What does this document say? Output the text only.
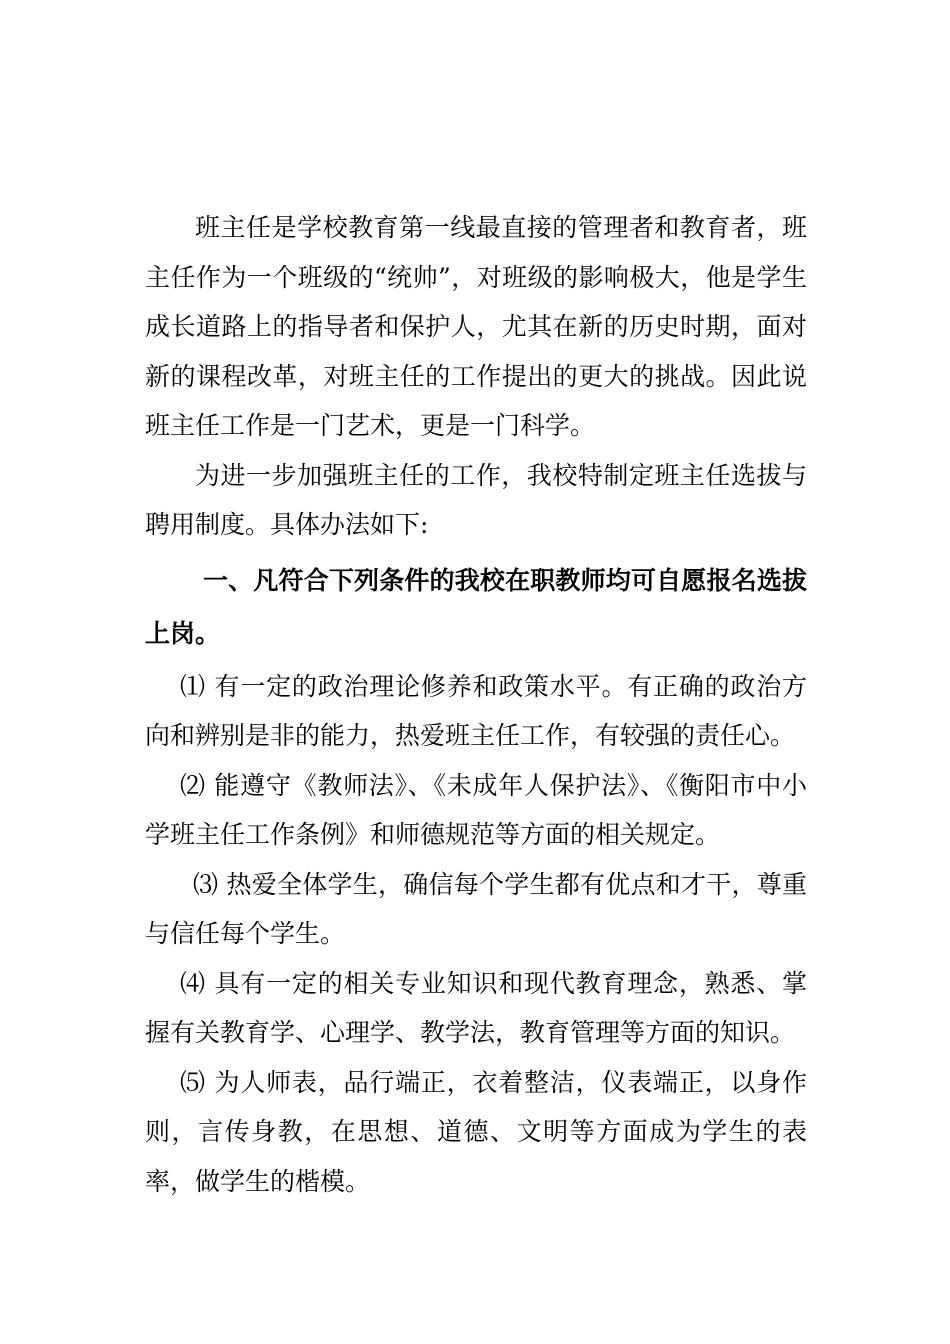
班主任是学校教育第一线最直接的管理者和教育者，班主任作为一个班级的“统帅”，对班级的影响极大，他是学生成长道路上的指导者和保护人，尤其在新的历史时期，面对新的课程改革，对班主任的工作提出的更大的挑战。因此说班主任工作是一门艺术，更是一门科学。

为进一步加强班主任的工作，我校特制定班主任选拔与聘用制度。具体办法如下:

一、凡符合下列条件的我校在职教师均可自愿报名选拔上岗。

⑴ 有一定的政治理论修养和政策水平。有正确的政治方向和辨别是非的能力，热爱班主任工作，有较强的责任心。

⑵ 能遵守《教师法》、《未成年人保护法》、《衡阳市中小学班主任工作条例》和师德规范等方面的相关规定。

⑶ 热爱全体学生，确信每个学生都有优点和才干，尊重与信任每个学生。

⑷ 具有一定的相关专业知识和现代教育理念，熟悉、掌握有关教育学、心理学、教学法，教育管理等方面的知识。

⑸ 为人师表，品行端正，衣着整洁，仪表端正，以身作则，言传身教，在思想、道德、文明等方面成为学生的表率，做学生的楷模。
